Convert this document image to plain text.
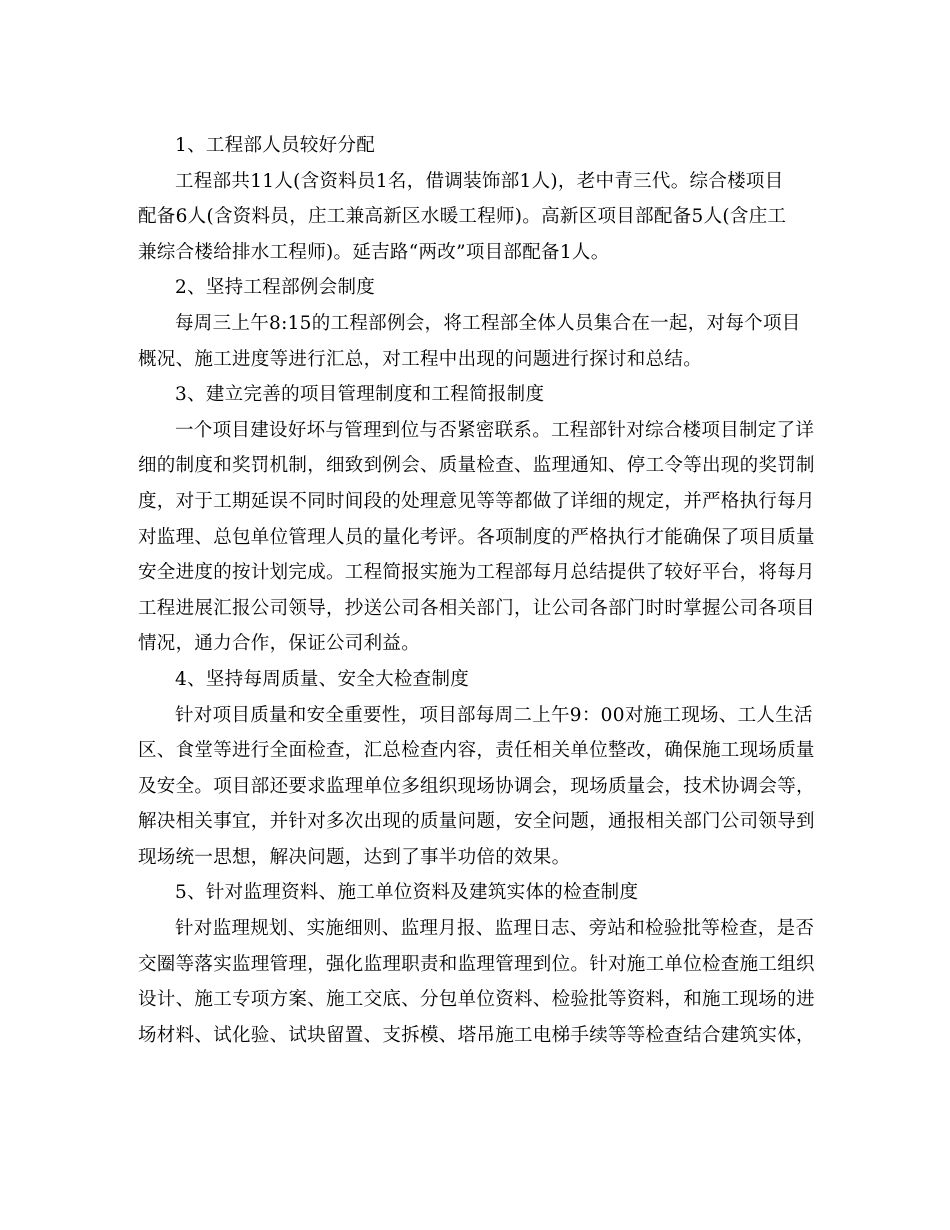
1、工程部人员较好分配

工程部共11人(含资料员1名，借调装饰部1人)，老中青三代。综合楼项目

配备6人(含资料员，庄工兼高新区水暖工程师)。高新区项目部配备5人(含庄工

兼综合楼给排水工程师)。延吉路“两改”项目部配备1人。

2、坚持工程部例会制度

每周三上午8:15的工程部例会，将工程部全体人员集合在一起，对每个项目

概况、施工进度等进行汇总，对工程中出现的问题进行探讨和总结。

3、建立完善的项目管理制度和工程简报制度

一个项目建设好坏与管理到位与否紧密联系。工程部针对综合楼项目制定了详

细的制度和奖罚机制，细致到例会、质量检查、监理通知、停工令等出现的奖罚制

度，对于工期延误不同时间段的处理意见等等都做了详细的规定，并严格执行每月

对监理、总包单位管理人员的量化考评。各项制度的严格执行才能确保了项目质量

安全进度的按计划完成。工程简报实施为工程部每月总结提供了较好平台，将每月

工程进展汇报公司领导，抄送公司各相关部门，让公司各部门时时掌握公司各项目

情况，通力合作，保证公司利益。

4、坚持每周质量、安全大检查制度

针对项目质量和安全重要性，项目部每周二上午9：00对施工现场、工人生活

区、食堂等进行全面检查，汇总检查内容，责任相关单位整改，确保施工现场质量

及安全。项目部还要求监理单位多组织现场协调会，现场质量会，技术协调会等，

解决相关事宜，并针对多次出现的质量问题，安全问题，通报相关部门公司领导到

现场统一思想，解决问题，达到了事半功倍的效果。

5、针对监理资料、施工单位资料及建筑实体的检查制度

针对监理规划、实施细则、监理月报、监理日志、旁站和检验批等检查，是否

交圈等落实监理管理，强化监理职责和监理管理到位。针对施工单位检查施工组织

设计、施工专项方案、施工交底、分包单位资料、检验批等资料，和施工现场的进

场材料、试化验、试块留置、支拆模、塔吊施工电梯手续等等检查结合建筑实体，
